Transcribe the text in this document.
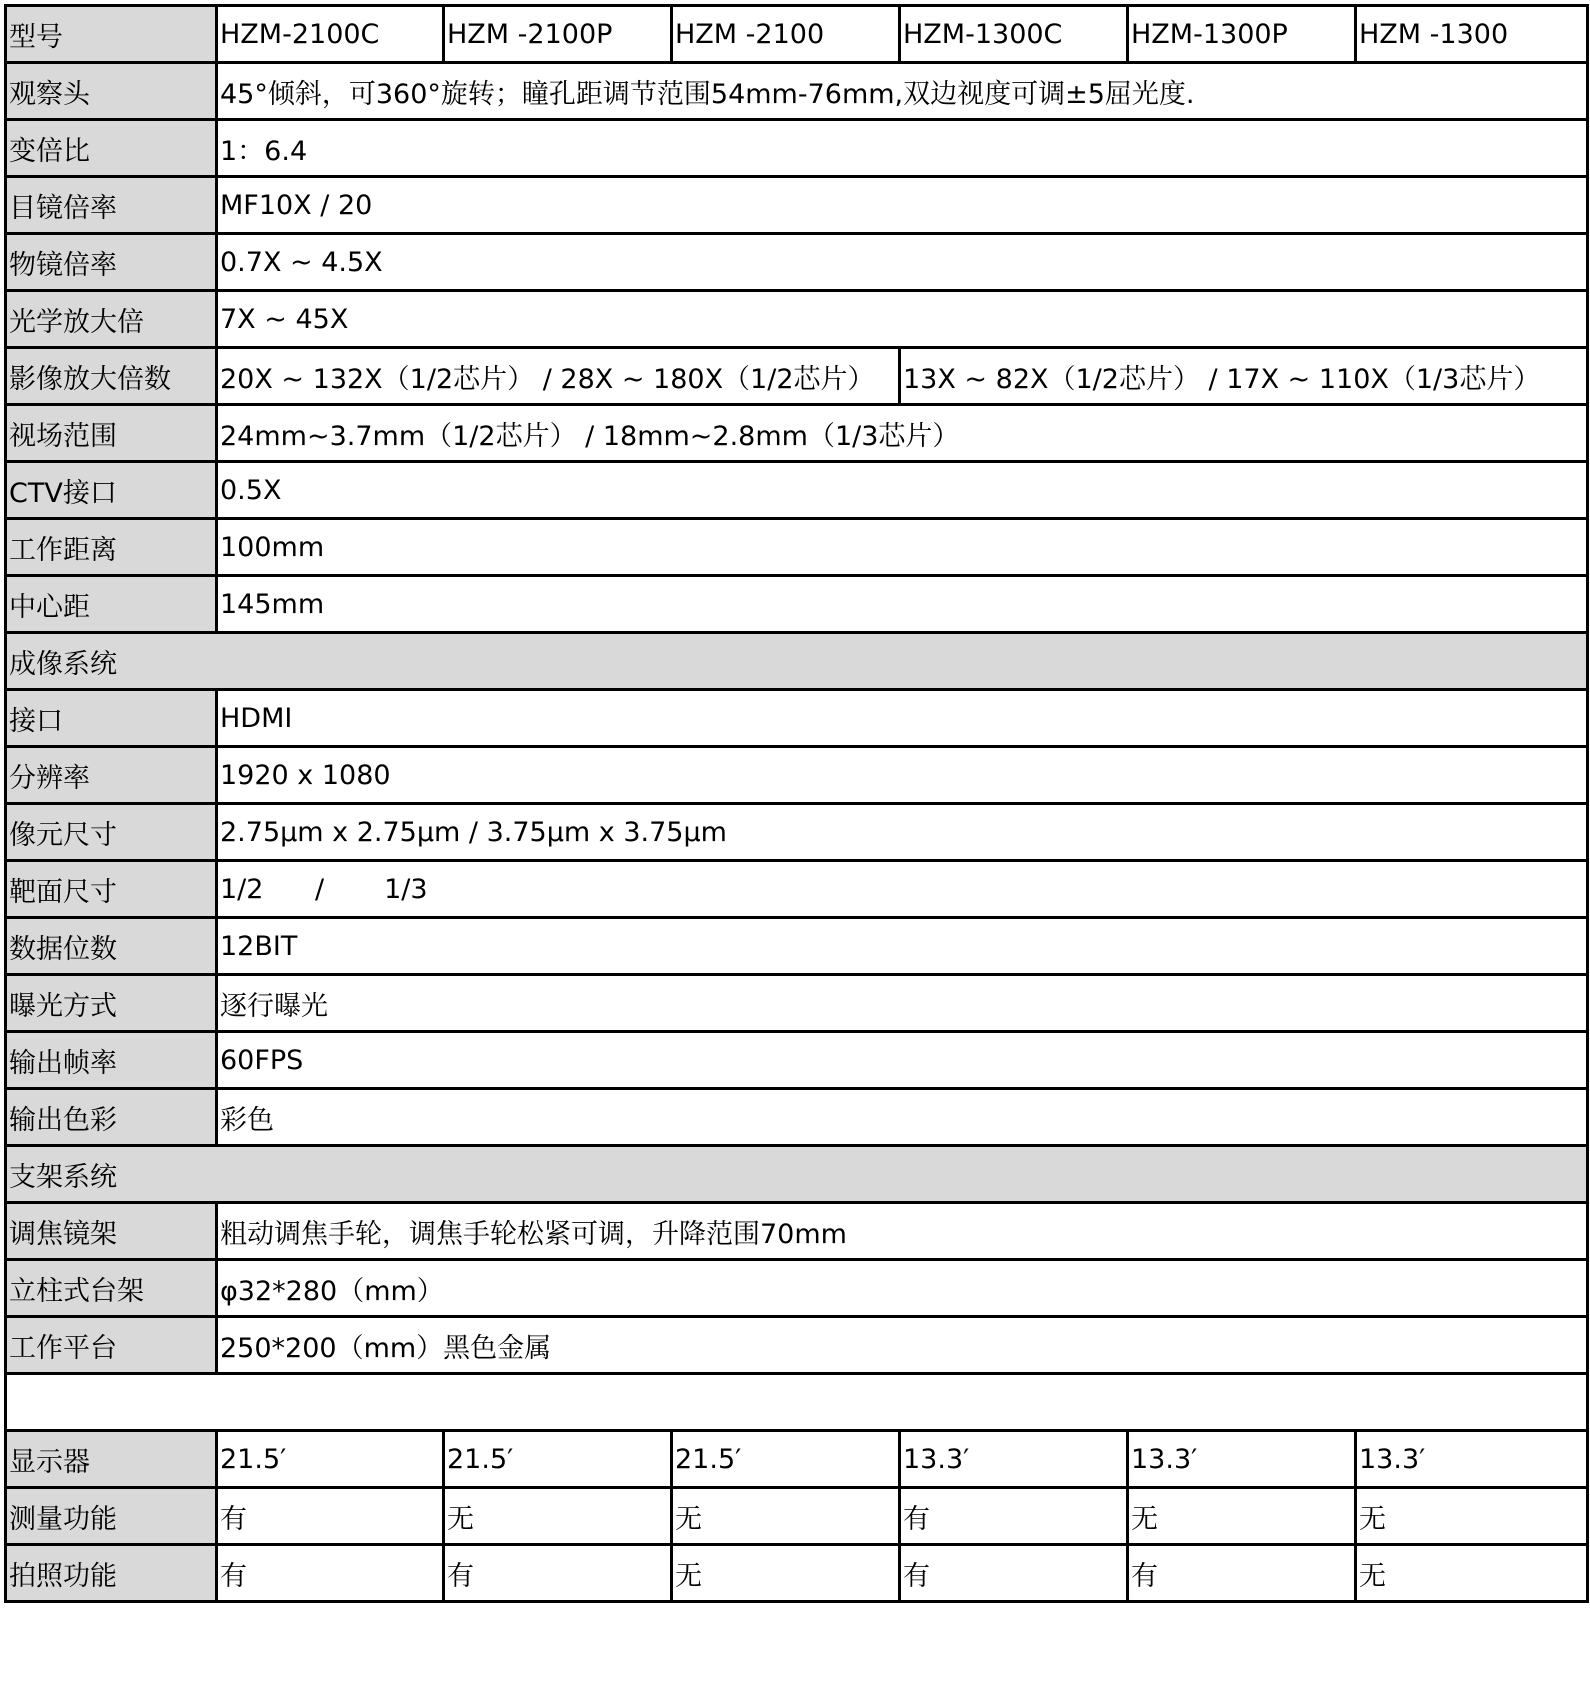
型号	HZM-2100C	HZM -2100P	HZM -2100	HZM-1300C	HZM-1300P	HZM -1300
观察头	45°倾斜，可360°旋转；瞳孔距调节范围54mm-76mm,双边视度可调±5屈光度.					
变倍比	1：6.4					
目镜倍率	MF10X / 20					
物镜倍率	0.7X ~ 4.5X					
光学放大倍	7X ~ 45X					
影像放大倍数	20X ~ 132X（1/2芯片） / 28X ~ 180X（1/2芯片）			13X ~ 82X（1/2芯片） / 17X ~ 110X（1/3芯片）		
视场范围	24mm~3.7mm（1/2芯片） / 18mm~2.8mm（1/3芯片）					
CTV接口	0.5X					
工作距离	100mm					
中心距	145mm					
成像系统						
接口	HDMI					
分辨率	1920 x 1080					
像元尺寸	2.75μm x 2.75μm / 3.75μm x 3.75μm					
靶面尺寸	1/2      /       1/3					
数据位数	12BIT					
曝光方式	逐行曝光					
输出帧率	60FPS					
输出色彩	彩色					
支架系统						
调焦镜架	粗动调焦手轮，调焦手轮松紧可调，升降范围70mm					
立柱式台架	φ32*280（mm）					
工作平台	250*200（mm）黑色金属					

显示器	21.5′	21.5′	21.5′	13.3′	13.3′	13.3′
测量功能	有	无	无	有	无	无
拍照功能	有	有	无	有	有	无
